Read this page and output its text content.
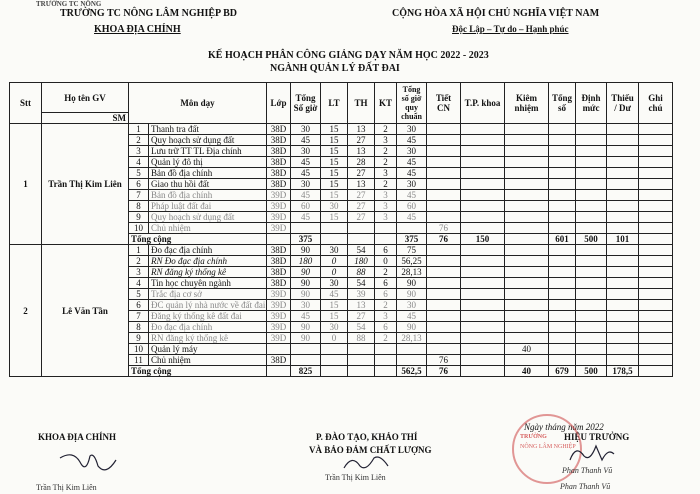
TRƯỜNG TC NÔNG
TRƯỜNG TC NÔNG LÂM NGHIỆP BD
KHOA ĐỊA CHÍNH
CỘNG HÒA XÃ HỘI CHỦ NGHĨA VIỆT NAM
Độc Lập – Tự do – Hạnh phúc
KẾ HOẠCH PHÂN CÔNG GIẢNG DẠY NĂM HỌC 2022 - 2023
NGÀNH QUẢN LÝ ĐẤT ĐAI
Stt	Họ tên GV	Môn dạy		Lớp	Tổng Số giờ	LT	TH	KT	Tổng số giờ quy chuẩn	Tiết CN	T.P. khoa	Kiêm nhiệm	Tổng số	Định mức	Thiếu / Dư	Ghi chú
	SM															
1	Trần Thị Kim Liên	1	Thanh tra đất	38D	30	15	13	2	30							
		2	Quy hoạch sử dụng đất	38D	45	15	27	3	45							
		3	Lưu trữ TT TL Địa chính	38D	30	15	13	2	30							
		4	Quản lý đô thị	38D	45	15	28	2	45							
		5	Bản đồ địa chính	38D	45	15	27	3	45							
		6	Giao thu hồi đất	38D	30	15	13	2	30							
		7	Bản đồ địa chính	39D	45	15	27	3	45							
		8	Pháp luật đất đai	39D	60	30	27	3	60							
		9	Quy hoạch sử dụng đất	39D	45	15	27	3	45							
		10	Chủ nhiệm	39D						76						
		Tổng cộng			375				375	76	150		601	500	101	
2	Lê Văn Tần	1	Đo đạc địa chính	38D	90	30	54	6	75							
		2	RN Đo đạc địa chính	38D	180	0	180	0	56,25							
		3	RN đăng ký thống kê	38D	90	0	88	2	28,13							
		4	Tin học chuyên ngành	38D	90	30	54	6	90							
		5	Trắc địa cơ sở	39D	90	45	39	6	90							
		6	ĐC quản lý nhà nước về đất đai	39D	30	15	13	2	30							
		7	Đăng ký thống kê đất đai	39D	45	15	27	3	45							
		8	Đo đạc địa chính	39D	90	30	54	6	90							
		9	RN đăng ký thống kê	39D	90	0	88	2	28,13							
		10	Quản lý máy									40				
		11	Chủ nhiệm	38D						76						
		Tổng cộng			825				562,5	76		40	679	500	178,5	
KHOA ĐỊA CHÍNH	P. ĐÀO TẠO, KHẢO THÍ
VÀ BẢO ĐẢM CHẤT LƯỢNG
Ngày tháng năm 2022
HIỆU TRƯỞNG
TRƯỜNG
NÔNG LÂM NGHIỆP
Trần Thị Kim Liên
Trần Thị Kim Liên
Phan Thanh Vũ
Phan Thanh Vũ
